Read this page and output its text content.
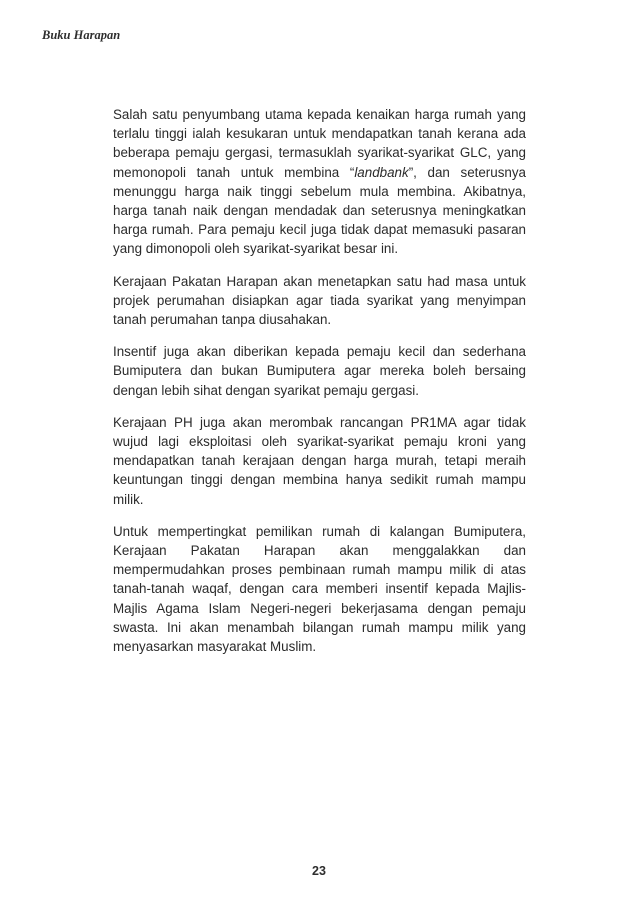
Buku Harapan

Salah satu penyumbang utama kepada kenaikan harga rumah yang terlalu tinggi ialah kesukaran untuk mendapatkan tanah kerana ada beberapa pemaju gergasi, termasuklah syarikat-syarikat GLC, yang memonopoli tanah untuk membina “landbank”, dan seterusnya menunggu harga naik tinggi sebelum mula membina. Akibatnya, harga tanah naik dengan mendadak dan seterusnya meningkatkan harga rumah. Para pemaju kecil juga tidak dapat memasuki pasaran yang dimonopoli oleh syarikat-syarikat besar ini.

Kerajaan Pakatan Harapan akan menetapkan satu had masa untuk projek perumahan disiapkan agar tiada syarikat yang menyimpan tanah perumahan tanpa diusahakan.

Insentif juga akan diberikan kepada pemaju kecil dan sederhana Bumiputera dan bukan Bumiputera agar mereka boleh bersaing dengan lebih sihat dengan syarikat pemaju gergasi.

Kerajaan PH juga akan merombak rancangan PR1MA agar tidak wujud lagi eksploitasi oleh syarikat-syarikat pemaju kroni yang mendapatkan tanah kerajaan dengan harga murah, tetapi meraih keuntungan tinggi dengan membina hanya sedikit rumah mampu milik.

Untuk mempertingkat pemilikan rumah di kalangan Bumiputera, Kerajaan Pakatan Harapan akan menggalakkan dan mempermudahkan proses pembinaan rumah mampu milik di atas tanah-tanah waqaf, dengan cara memberi insentif kepada Majlis-Majlis Agama Islam Negeri-negeri bekerjasama dengan pemaju swasta. Ini akan menambah bilangan rumah mampu milik yang menyasarkan masyarakat Muslim.

23
